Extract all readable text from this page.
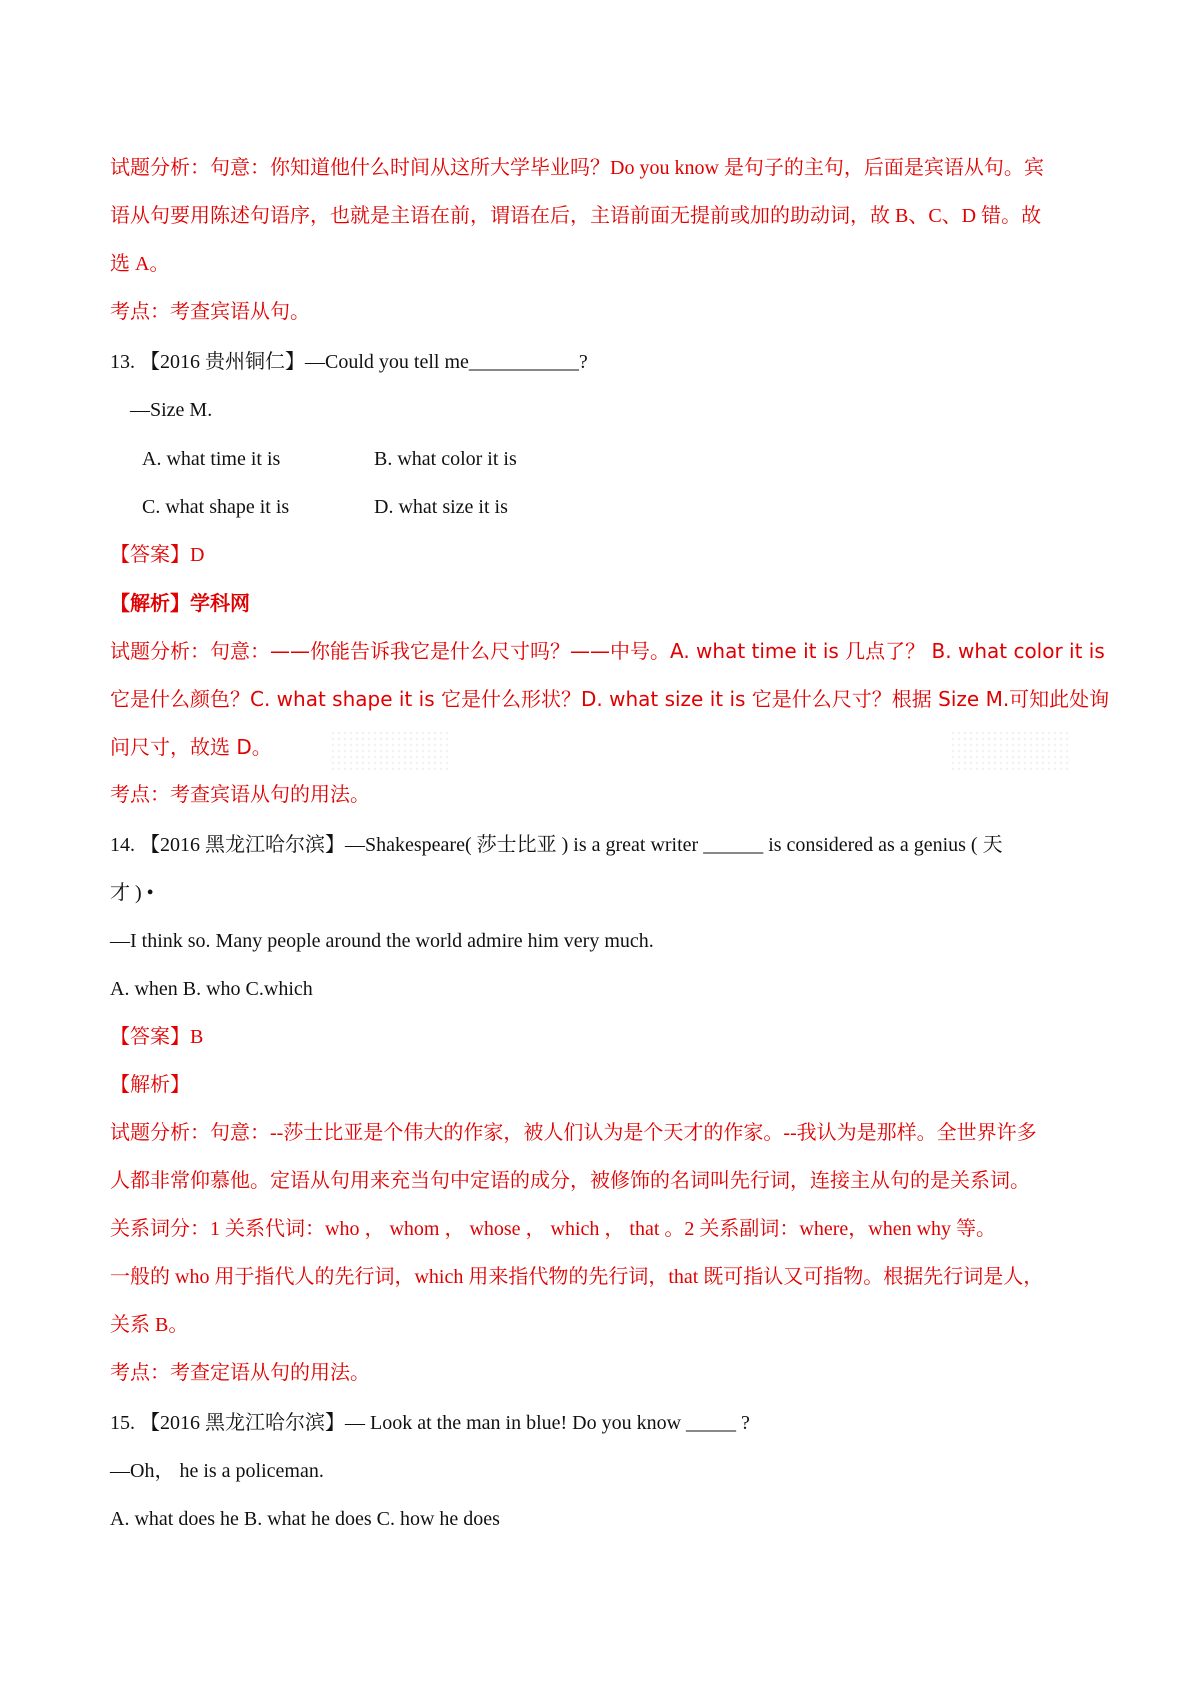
试题分析：句意：你知道他什么时间从这所大学毕业吗？Do you know 是句子的主句，后面是宾语从句。宾
语从句要用陈述句语序，也就是主语在前，谓语在后，主语前面无提前或加的助动词，故 B、C、D 错。故
选 A。
考点：考查宾语从句。
13. 【2016 贵州铜仁】—Could you tell me___________?
—Size M.
A. what time it is	B. what color it is
C. what shape it is	D. what size it is
【答案】D
【解析】学科网
试题分析：句意：——你能告诉我它是什么尺寸吗？——中号。A. what time it is 几点了？ B. what color it is
它是什么颜色？C. what shape it is 它是什么形状？D. what size it is 它是什么尺寸？根据 Size M.可知此处询
问尺寸，故选 D。
考点：考查宾语从句的用法。
14. 【2016 黑龙江哈尔滨】—Shakespeare( 莎士比亚 ) is a great writer ______ is considered as a genius ( 天
才 ) •
—I think so. Many people around the world admire him very much.
A. when B. who C.which
【答案】B
【解析】
试题分析：句意：--莎士比亚是个伟大的作家，被人们认为是个天才的作家。--我认为是那样。全世界许多
人都非常仰慕他。定语从句用来充当句中定语的成分，被修饰的名词叫先行词，连接主从句的是关系词。
关系词分：1 关系代词：who ， whom ， whose ， which ， that 。2 关系副词：where，when why 等。
一般的 who 用于指代人的先行词，which 用来指代物的先行词，that 既可指认又可指物。根据先行词是人，
关系 B。
考点：考查定语从句的用法。
15. 【2016 黑龙江哈尔滨】— Look at the man in blue! Do you know _____ ?
—Oh， he is a policeman.
A. what does he B. what he does C. how he does
